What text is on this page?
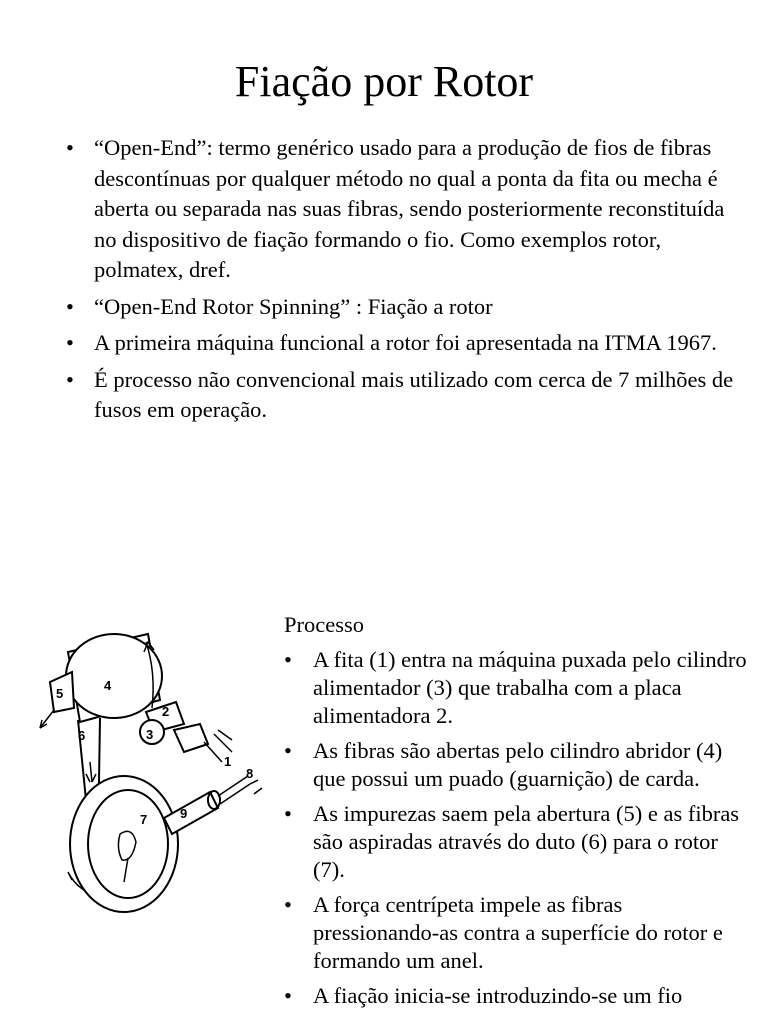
Fiação por Rotor
• “Open-End”: termo genérico usado para a produção de fios de fibras descontínuas por qualquer método no qual a ponta da fita ou mecha é aberta ou separada nas suas fibras, sendo posteriormente reconstituída no dispositivo de fiação formando o fio. Como exemplos rotor, polmatex, dref.
• “Open-End Rotor Spinning” : Fiação a rotor
• A primeira máquina funcional a rotor foi apresentada na ITMA 1967.
• É processo não convencional mais utilizado com cerca de 7 milhões de fusos em operação.
4
5
2
3
1
6
7
8
9
Processo
• A fita (1) entra na máquina puxada pelo cilindro alimentador (3) que trabalha com a placa alimentadora 2.
• As fibras são abertas pelo cilindro abridor (4) que possui um puado (guarnição) de carda.
• As impurezas saem pela abertura (5) e as fibras são aspiradas através do duto (6) para o rotor (7).
• A força centrípeta impele as fibras pressionando-as contra a superfície do rotor e formando um anel.
• A fiação inicia-se introduzindo-se um fio
